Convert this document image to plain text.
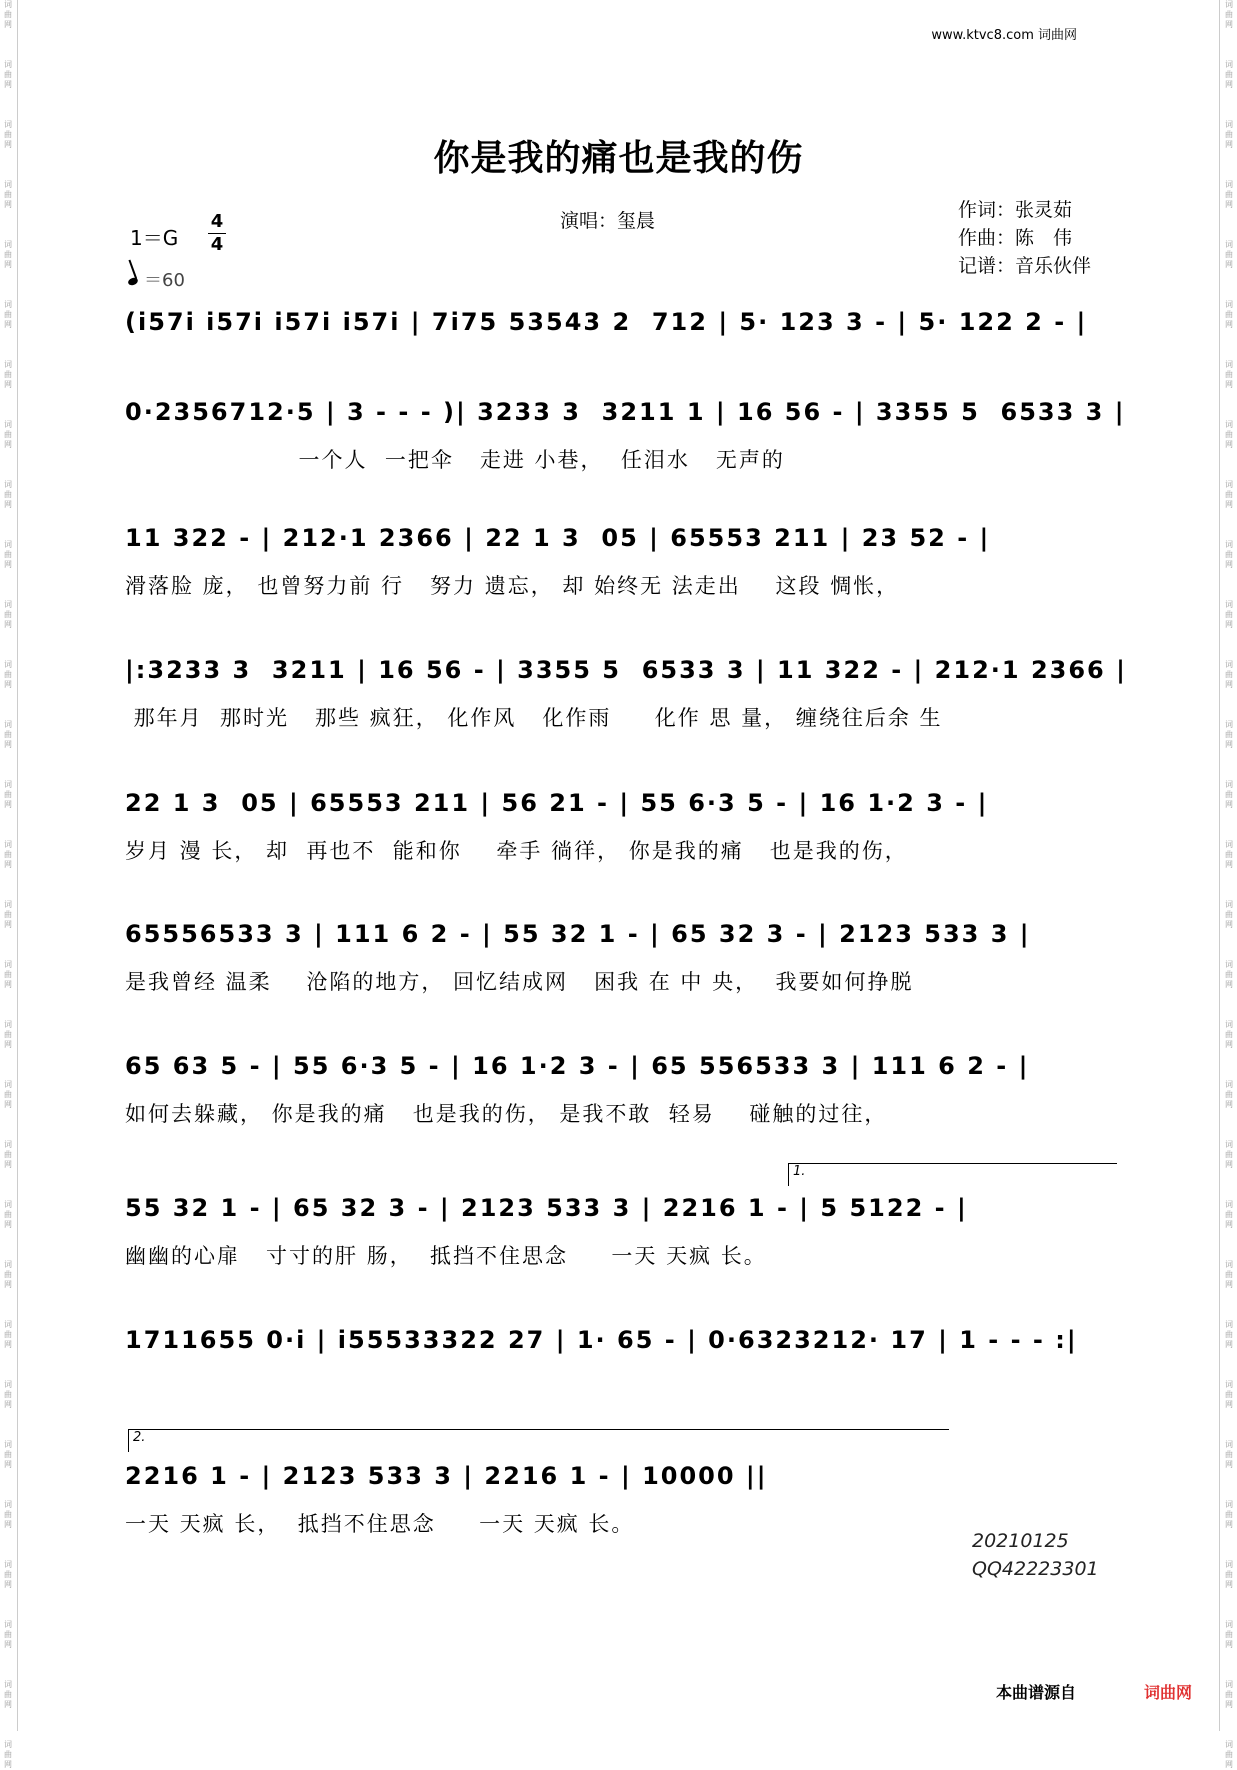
词
曲
网
词
曲
网
词
曲
网
词
曲
网
词
曲
网
词
曲
网
词
曲
网
词
曲
网
词
曲
网
词
曲
网
词
曲
网
词
曲
网
词
曲
网
词
曲
网
词
曲
网
词
曲
网
词
曲
网
词
曲
网
词
曲
网
词
曲
网
词
曲
网
词
曲
网
词
曲
网
词
曲
网
词
曲
网
词
曲
网
词
曲
网
词
曲
网
词
曲
网
词
曲
网
词
曲
网
词
曲
网
词
曲
网
词
曲
网
词
曲
网
词
曲
网
词
曲
网
词
曲
网
词
曲
网
词
曲
网
词
曲
网
词
曲
网
词
曲
网
词
曲
网
词
曲
网
词
曲
网
词
曲
网
词
曲
网
词
曲
网
词
曲
网
词
曲
网
词
曲
网
词
曲
网
词
曲
网
词
曲
网
词
曲
网
词
曲
网
词
曲
网
词
曲
网
词
曲
网
www.ktvc8.com 词曲网
你是我的痛也是我的伤
1＝G
4
4
＝60
演唱：玺晨	作词：张灵茹
作曲：陈　伟
记谱：音乐伙伴
(i57i i57i i57i i57i | 7i75 53543 2  712 | 5· 123 3 - | 5· 122 2 - |
0·2356712·5 | 3 - - - )| 3233 3  3211 1 | 16 56 - | 3355 5  6533 3 |
一个人  一把伞   走进 小巷，  任泪水   无声的
11 322 - | 212·1 2366 | 22 1 3  05 | 65553 211 | 23 52 - |
滑落脸 庞， 也曾努力前 行   努力 遗忘， 却 始终无 法走出    这段 惆怅，
|:3233 3  3211 | 16 56 - | 3355 5  6533 3 | 11 322 - | 212·1 2366 |
那年月  那时光   那些 疯狂， 化作风   化作雨     化作 思 量， 缠绕往后余 生
22 1 3  05 | 65553 211 | 56 21 - | 55 6·3 5 - | 16 1·2 3 - |
岁月 漫 长， 却  再也不  能和你    牵手 徜徉， 你是我的痛   也是我的伤，
65556533 3 | 111 6 2 - | 55 32 1 - | 65 32 3 - | 2123 533 3 |
是我曾经 温柔    沧陷的地方， 回忆结成网   困我 在 中 央，  我要如何挣脱
65 63 5 - | 55 6·3 5 - | 16 1·2 3 - | 65 556533 3 | 111 6 2 - |
如何去躲藏， 你是我的痛   也是我的伤， 是我不敢  轻易    碰触的过往，
1.
55 32 1 - | 65 32 3 - | 2123 533 3 | 2216 1 - | 5 5122 - |
幽幽的心扉   寸寸的肝 肠，  抵挡不住思念     一天 天疯 长。
1711655 0·i | i55533322 27 | 1· 65 - | 0·6323212· 17 | 1 - - - :|
2.
2216 1 - | 2123 533 3 | 2216 1 - | 10000 ||
一天 天疯 长，  抵挡不住思念     一天 天疯 长。
20210125
QQ42223301
本曲谱源自	词曲网
